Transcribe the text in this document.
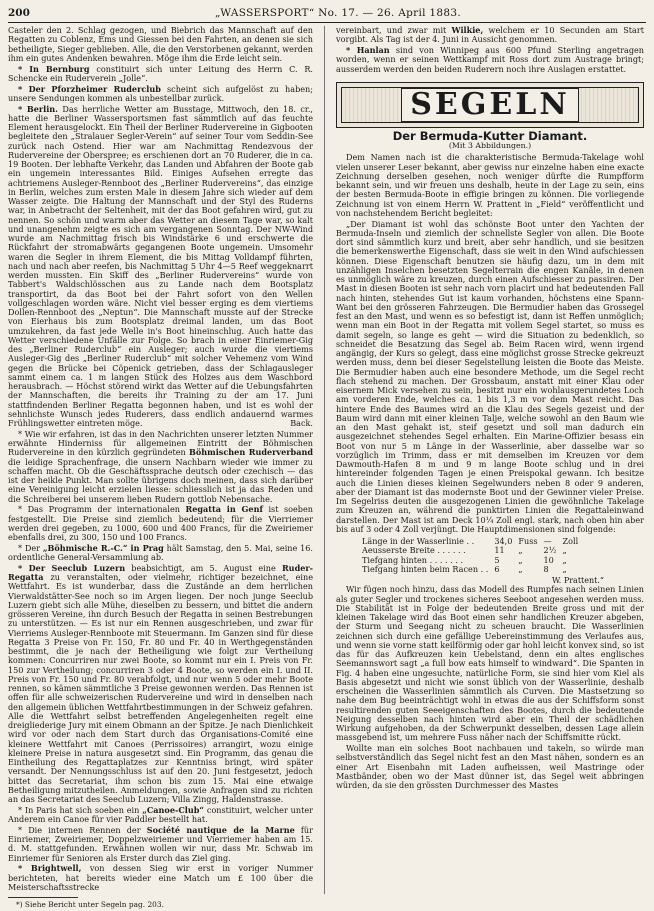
200	„WASSERSPORT“ No. 17. — 26. April 1883.

Casteler den 2. Schlag gezogen, und Biebrich das Mannschaft auf den Regatten zu Coblenz, Ems und Giessen bei den Fahrten, an denen sie sich betheiligte, Sieger geblieben. Alle, die den Verstorbenen gekannt, werden ihm ein gutes Andenken bewahren. Möge ihm die Erde leicht sein.

* In Bernburg constituirt sich unter Leitung des Herrn C. R. Schencke ein Ruderverein „Jolle“.

* Der Pforzheimer Ruderclub scheint sich aufgelöst zu haben; unsere Sendungen kommen als unbestellbar zurück.

* Berlin. Das herrliche Wetter am Busstage, Mittwoch, den 18. cr., hatte die Berliner Wassersportsmen fast sämmtlich auf das feuchte Element herausgelockt. Ein Theil der Berliner Rudervereine in Gigbooten begleitete den „Stralauer Segler-Verein“ auf seiner Tour vom Seddin-See zurück nach Ostend. Hier war am Nachmittag Rendezvous der Rudervereine der Oberspree; es erschienen dort an 70 Ruderer, die in ca. 19 Booten. Der lebhafte Verkehr, das Landen und Abfahren der Boote gab ein ungemein interessantes Bild. Einiges Aufsehen erregte das achtriemens Ausleger-Rennboot des „Berliner Rudervereins“, das einzige in Berlin, welches zum ersten Male in diesem Jahre sich wieder auf dem Wasser zeigte. Die Haltung der Mannschaft und der Styl des Ruderns war, in Anbetracht der Seltenheit, mit der das Boot gefahren wird, gut zu nennen. So schön und warm aber das Wetter an diesem Tage war, so kalt und unangenehm zeigte es sich am vergangenen Sonntag. Der NW-Wind wurde am Nachmittag frisch bis Windstärke 6 und erschwerte die Rückfahrt der stromabwärts gegangenen Boote ungemein. Umsomehr waren die Segler in ihrem Element, die bis Mittag Volldampf führten, nach und nach aber reefen, bis Nachmittag 5 Uhr 4—5 Reef weggeknarrt werden mussten. Ein Skiff des „Berliner Rudervereins“ wurde von Tabbert's Waldschlösschen aus zu Lande nach dem Bootsplatz transportirt, da das Boot bei der Fahrt sofort von den Wellen vollgeschlagen worden wäre. Nicht viel besser erging es dem viertiems Dollen-Rennboot des „Neptun“. Die Mannschaft musste auf der Strecke von Eierhaus bis zum Bootsplatz dreimal landen, um das Boot umzukehren, da fast jede Welle in's Boot hineinschlug. Auch hatte das Wetter verschiedene Unfälle zur Folge. So brach in einer Einriemer-Gig des „Berliner Ruderclub“ ein Ausleger; auch wurde die viertiems Ausleger-Gig des „Berliner Ruderclub“ mit solcher Vehemenz vom Wind gegen die Brücke bei Cöpenick getrieben, dass der Schlagausleger sammt einem ca. 1 m langen Stück des Holzes aus dem Waschbord herausbrach. — Höchst störend wirkt das Wetter auf die Uebungsfahrten der Mannschaften, die bereits ihr Training zu der am 17. Juni stattfindenden Berliner Regatta begonnen haben, und ist es wohl der sehnlichste Wunsch jedes Ruderers, dass endlich andauernd warmes Frühlingswetter eintreten möge.	Back.

* Wie wir erfahren, ist das in den Nachrichten unserer letzten Nummer erwähnte Hinderniss für allgemeinen Eintritt der Böhmischen Rudervereine in den kürzlich gegründeten Böhmischen Ruderverband die leidige Sprachenfrage, die unsern Nachbarn wieder wie immer zu schaffen macht. Ob die Geschäftssprache deutsch oder czechisch — das ist der heikle Punkt. Man sollte übrigens doch meinen, dass sich darüber eine Vereinigung leicht erzielen liesse: schliesslich ist ja das Reden und die Schreiberei bei unserem lieben Rudern gottlob Nebensache.

* Das Programm der internationalen Regatta in Genf ist soeben festgestellt. Die Preise sind ziemlich bedeutend; für die Vierriemer werden drei gegeben, zu 1000, 600 und 400 Francs, für die Zweiriemer ebenfalls drei, zu 300, 150 und 100 Francs.

* Der „Böhmische R.-C.“ in Prag hält Samstag, den 5. Mai, seine 16. ordentliche General-Versammlung ab.

* Der Seeclub Luzern beabsichtigt, am 5. August eine Ruder-Regatta zu veranstalten, oder vielmehr, richtiger bezeichnet, eine Wettfahrt. Es ist wunderbar, dass die Zustände an dem herrlichen Vierwaldstätter-See noch so im Argen liegen. Der noch junge Seeclub Luzern giebt sich alle Mühe, dieselben zu bessern, und bittet die andern grösseren Vereine, ihn durch Besuch der Regatta in seinen Bestrebungen zu unterstützen. — Es ist nur ein Rennen ausgeschrieben, und zwar für Vierriems Ausleger-Rennboote mit Steuermann. Im Ganzen sind für diese Regatta 3 Preise von Fr. 150, Fr. 80 und Fr. 40 in Werthgegenständen bestimmt, die je nach der Betheiligung wie folgt zur Vertheilung kommen: Concurriren nur zwei Boote, so kommt nur ein I. Preis von Fr. 150 zur Vertheilung; concurriren 3 oder 4 Boote, so werden ein I. und II. Preis von Fr. 150 und Fr. 80 verabfolgt, und nur wenn 5 oder mehr Boote rennen, so kämen sämmtliche 3 Preise gewonnen werden. Das Rennen ist offen für alle schweizerischen Rudervereine und wird in denselben nach den allgemein üblichen Wettfahrtbestimmungen in der Schweiz gefahren. Alle die Wettfahrt selbst betreffenden Angelegenheiten regelt eine dreigliederige Jury mit einem Obmann an der Spitze. Je nach Dienlichkeit wird vor oder nach dem Start durch das Organisations-Comité eine kleinere Wettfahrt mit Canoes (Perrissoires) arrangirt, wozu einige kleinere Preise in natura ausgesetzt sind. Ein Programm, das genau die Eintheilung des Regattaplatzes zur Kenntniss bringt, wird später versandt. Der Nennungsschluss ist auf den 20. Juni festgesetzt, jedoch bittet das Secretariat, ihm schon bis zum 15. Mai eine etwaige Betheiligung mitzutheilen. Anmeldungen, sowie Anfragen sind zu richten an das Secretariat des Seeclub Luzern; Villa Zingg, Haldenstrasse.

* In Paris hat sich soeben ein „Canoe-Club“ constituirt, welcher unter Anderem ein Canoe für vier Paddler bestellt hat.

* Die internen Rennen der Société nautique de la Marne für Einriemer, Zweiriemer, Doppelzweiriemer und Vierriemer haben am 15. d. M. stattgefunden. Erwähnen wollen wir nur, dass Mr. Schwab im Einriemer für Senioren als Erster durch das Ziel ging.

* Brightwell, von dessen Sieg wir erst in voriger Nummer berichteten, hat bereits wieder eine Match um £ 100 über die Meisterschaftsstrecke

*) Siehe Bericht unter Segeln pag. 203.

vereinbart, und zwar mit Wilkie, welchem er 10 Secunden am Start vorgibt. Als Tag ist der 4. Juni in Aussicht genommen.

* Hanlan sind von Winnipeg aus 600 Pfund Sterling angetragen worden, wenn er seinen Wettkampf mit Ross dort zum Austrage bringt; ausserdem werden den beiden Ruderern noch ihre Auslagen erstattet.

SEGELN
Der Bermuda-Kutter Diamant.
(Mit 3 Abbildungen.)

Dem Namen nach ist die charakteristische Bermuda-Takelage wohl vielen unserer Leser bekannt, aber gewiss nur einzelne haben eine exacte Zeichnung derselben gesehen, noch weniger dürfte die Rumpfform bekannt sein, und wir freuen uns deshalb, heute in der Lage zu sein, eins der besten Bermuda-Boote in effigie bringen zu können. Die vorliegende Zeichnung ist von einem Herrn W. Prattent in „Field“ veröffentlicht und von nachstehendem Bericht begleitet:

„Der Diamant ist wohl das schönste Boot unter den Yachten der Bermuda-Inseln und ziemlich der schnellste Segler von allen. Die Boote dort sind sämmtlich kurz und breit, aber sehr handlich, und sie besitzen die bemerkenswerthe Eigenschaft, dass sie weit in den Wind aufschiessen können. Diese Eigenschaft benutzen sie häufig dazu, um in dem mit unzähligen Inselchen besetzten Segelterrain die engen Kanäle, in denen es unmöglich wäre zu kreuzen, durch einen Aufschiesser zu passiren. Der Mast in diesen Booten ist sehr nach vorn placirt und hat bedeutenden Fall nach hinten, stehendes Gut ist kaum vorhanden, höchstens eine Spann-Want bei den grösseren Fahrzeugen. Die Bermudier haben das Grossegel fest an den Mast, und wenn es so befestigt ist, dann ist Reffen unmöglich; wenn man ein Boot in der Regatta mit vollem Segel startet, so muss es damit segeln, so lange es geht — wird die Situation zu bedenklich, so schneidet die Besatzung das Segel ab. Beim Racen wird, wenn irgend angängig, der Kurs so gelegt, dass eine möglichst grosse Strecke gekreuzt werden muss, denn bei dieser Segelstellung leisten die Boote das Meiste. Die Bermudier haben auch eine besondere Methode, um die Segel recht flach stehend zu machen. Der Grossbaum, anstatt mit einer Klau oder eisernem Mick versehen zu sein, besitzt nur ein wohlausgerundetes Loch am vorderen Ende, welches ca. 1 bis 1,3 m vor dem Mast reicht. Das hintere Ende des Baumes wird an die Klau des Segels gezeist und der Baum wird dann mit einer kleinen Talje, welche sowohl an den Baum wie an den Mast gehakt ist, steif gesetzt und soll man dadurch ein ausgezeichnet stehendes Segel erhalten. Ein Marine-Offizier besass ein Boot von nur 5 m Länge in der Wasserlinie, aber dasselbe war so vorzüglich im Trimm, dass er mit demselben im Kreuzen vor dem Dawmouth-Hafen 8 m und 9 m lange Boote schlug und in drei hintereinder folgenden Tagen je einen Preispokal gewann. Ich besitze auch die Linien dieses kleinen Segelwunders neben 8 oder 9 anderen, aber der Diamant ist das modernste Boot und der Gewinner vieler Preise. Im Segelriss deuten die ausgezogenen Linien die gewöhnliche Takelage zum Kreuzen an, während die punktirten Linien die Regattaleinwand darstellen. Der Mast ist am Deck 10¼ Zoll engl. stark, nach oben hin aber bis auf 3 oder 4 Zoll verjüngt. Die Hauptdimensionen sind folgende:

Länge in der Wasserlinie . .	34,0	Fuss	—	Zoll
Aeusserste Breite . . . . . .	11	„	2½	„
Tiefgang hinten . . . . . . .	5	„	10	„
Tiefgang hinten beim Racen . .	6	„	8	„
W. Prattent.“

Wir fügen noch hinzu, dass das Modell des Rumpfes nach seinen Linien als guter Segler und trockenes sicheres Seeboot angesehen werden muss. Die Stabilität ist in Folge der bedeutenden Breite gross und mit der kleinen Takelage wird das Boot einen sehr handlichen Kreuzer abgeben, der Sturm und Seegang nicht zu scheuen braucht. Die Wasserlinien zeichnen sich durch eine gefällige Uebereinstimmung des Verlaufes aus, und wenn sie vorne statt keilförmig oder gar hohl leicht konvex sind, so ist das für das Aufkreuzen kein Uebelstand, denn ein altes englisches Seemannswort sagt „a full bow eats himself to windward“. Die Spanten in Fig. 4 haben eine ungesuchte, natürliche Form, sie sind hier vom Kiel als Basis abgesetzt und nicht wie sonst üblich von der Wasserlinie, deshalb erscheinen die Wasserlinien sämmtlich als Curven. Die Mastsetzung so nahe dem Bug beeinträchtigt wohl in etwas die aus der Schiffsform sonst resultirenden guten Seeeigenschaften des Bootes, durch die bedeutende Neigung desselben nach hinten wird aber ein Theil der schädlichen Wirkung aufgehoben, da der Schwerpunkt desselben, dessen Lage allein massgebend ist, um mehrere Fuss näher nach der Schiffsmitte rückt.

Wollte man ein solches Boot nachbauen und takeln, so würde man selbstverständlich das Segel nicht fest an den Mast nähen, sondern es an einer Art Eisenbahn mit Laden aufheissen, weil Mastringe oder Mastbänder, oben wo der Mast dünner ist, das Segel weit abbringen würden, da sie den grössten Durchmesser des Mastes
